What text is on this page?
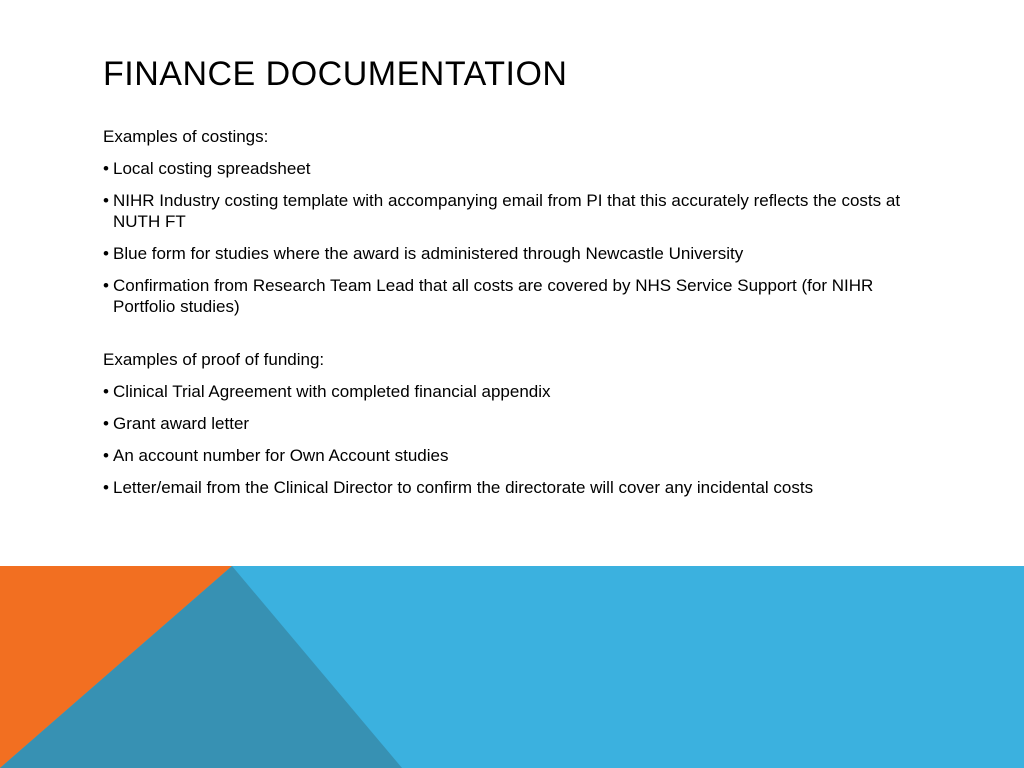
FINANCE DOCUMENTATION

Examples of costings:

• Local costing spreadsheet
• NIHR Industry costing template with accompanying email from PI that this accurately reflects the costs at NUTH FT
• Blue form for studies where the award is administered through Newcastle University
• Confirmation from Research Team Lead that all costs are covered by NHS Service Support (for NIHR Portfolio studies)

Examples of proof of funding:

• Clinical Trial Agreement with completed financial appendix
• Grant award letter
• An account number for Own Account studies
• Letter/email from the Clinical Director to confirm the directorate will cover any incidental costs
